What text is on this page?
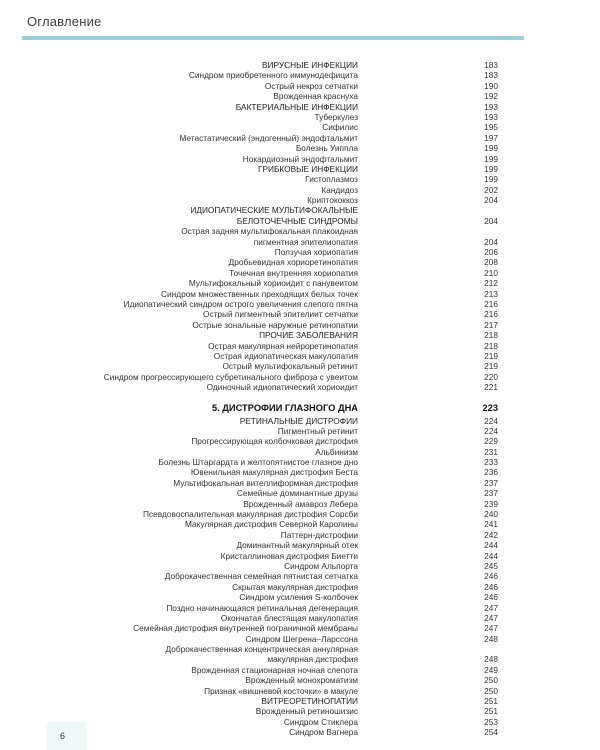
Оглавление
ВИРУСНЫЕ ИНФЕКЦИИ	183
Синдром приобретенного иммунодефицита	183
Острый некроз сетчатки	190
Врожденная краснуха	192
БАКТЕРИАЛЬНЫЕ ИНФЕКЦИИ	193
Туберкулез	193
Сифилис	195
Метастатический (эндогенный) эндофтальмит	197
Болезнь Уиппла	199
Нокардиозный эндофтальмит	199
ГРИБКОВЫЕ ИНФЕКЦИИ	199
Гистоплазмоз	199
Кандидоз	202
Криптококкоз	204
ИДИОПАТИЧЕСКИЕ МУЛЬТИФОКАЛЬНЫЕ
БЕЛОТОЧЕЧНЫЕ СИНДРОМЫ	204
Острая задняя мультифокальная плакоидная
пигментная эпителиопатия	204
Ползучая хориопатия	206
Дробьевидная хориоретинопатия	208
Точечная внутренняя хориопатия	210
Мультифокальный хориоидит с панувеитом	212
Синдром множественных преходящих белых точек	213
Идиопатический синдром острого увеличения слепого пятна	216
Острый пигментный эпителиит сетчатки	216
Острые зональные наружные ретинопатии	217
ПРОЧИЕ ЗАБОЛЕВАНИЯ	218
Острая макулярная нейроретинопатия	218
Острая идиопатическая макулопатия	219
Острый мультифокальный ретинит	219
Синдром прогрессирующего субретинального фиброза с увеитом	220
Одиночный идиопатический хориоидит	221
5. ДИСТРОФИИ ГЛАЗНОГО ДНА	223
РЕТИНАЛЬНЫЕ ДИСТРОФИИ	224
Пигментный ретинит	224
Прогрессирующая колбочковая дистрофия	229
Альбинизм	231
Болезнь Штаргардта и желтопятнистое глазное дно	233
Ювенильная макулярная дистрофия Беста	236
Мультифокальная вителлиформная дистрофия	237
Семейные доминантные друзы	237
Врожденный амавроз Лебера	239
Псевдовоспалительная макулярная дистрофия Сорсби	240
Макулярная дистрофия Северной Каролины	241
Паттерн-дистрофии	242
Доминантный макулярный отек	244
Кристаллиновая дистрофия Биетти	244
Синдром Альпорта	245
Доброкачественная семейная пятнистая сетчатка	246
Скрытая макулярная дистрофия	246
Синдром усиления S-колбочек	246
Поздно начинающаяся ретинальная дегенерация	247
Окончатая блестящая макулопатия	247
Семейная дистрофия внутренней пограничной мембраны	247
Синдром Шегрена–Ларссона	248
Доброкачественная концентрическая аннулярная
макулярная дистрофия	248
Врожденная стационарная ночная слепота	249
Врожденный монохроматизм	250
Признак «вишневой косточки» в макуле	250
ВИТРЕОРЕТИНОПАТИИ	251
Врожденный ретиношизис	251
Синдром Стиклера	253
Синдром Вагнера	254
6
